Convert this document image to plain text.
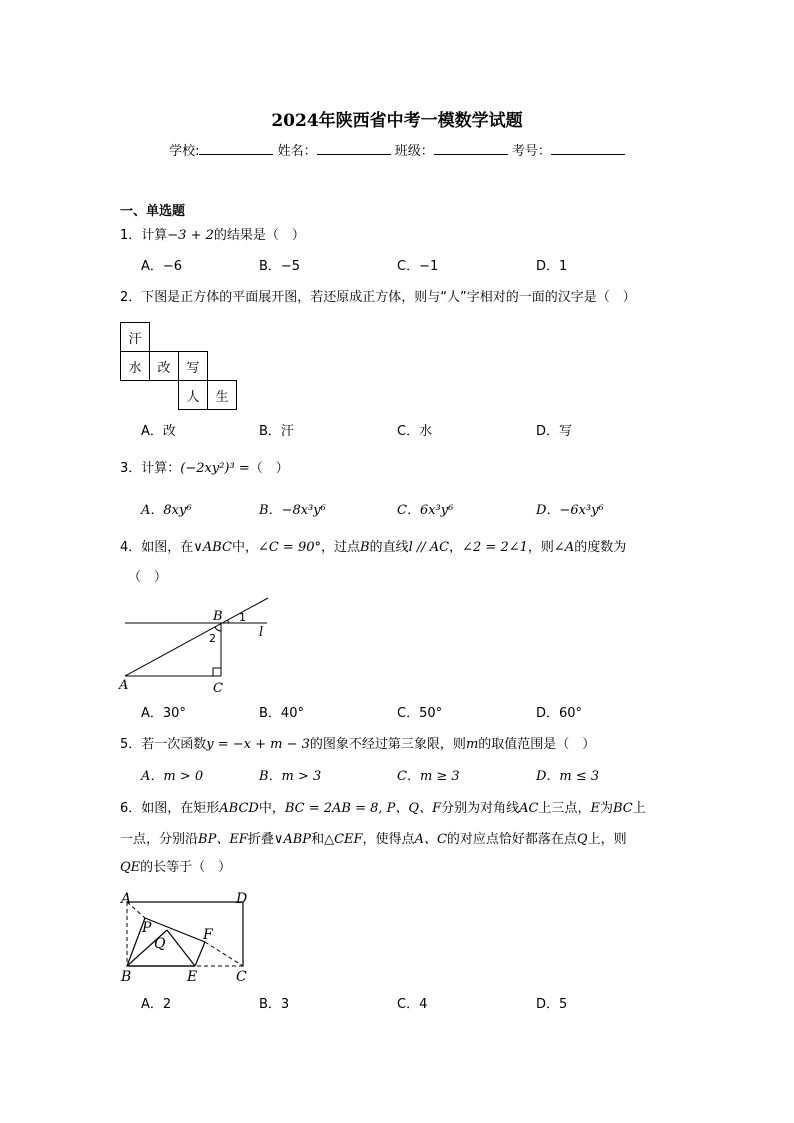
2024年陕西省中考一模数学试题
学校:	姓名：	班级：	考号：
一、单选题
1．计算−3 + 2的结果是（　）
A．−6	B．−5	C．−1	D．1
2．下图是正方体的平面展开图，若还原成正方体，则与“人”字相对的一面的汉字是（　）
汗			
水	改	写	
		人	生
A．改	B．汗	C．水	D．写
3．计算：(−2xy²)³ =（　）
A．8xy⁶	B．−8x³y⁶	C．6x³y⁶	D．−6x³y⁶
4．如图，在∨ABC中，∠C = 90°，过点B的直线l // AC，∠2 = 2∠1，则∠A的度数为
（　）
B 1
2	l
A	C
A．30°	B．40°	C．50°	D．60°
5．若一次函数y = −x + m − 3的图象不经过第三象限，则m的取值范围是（　）
A．m > 0	B．m > 3	C．m ≥ 3	D．m ≤ 3
6．如图，在矩形ABCD中，BC = 2AB = 8, P、Q、F分别为对角线AC上三点，E为BC上
一点，分别沿BP、EF折叠∨ABP和△CEF，使得点A、C的对应点恰好都落在点Q上，则
QE的长等于（　）
A	D
P
Q
F
B	E	C
A．2	B．3	C．4	D．5
